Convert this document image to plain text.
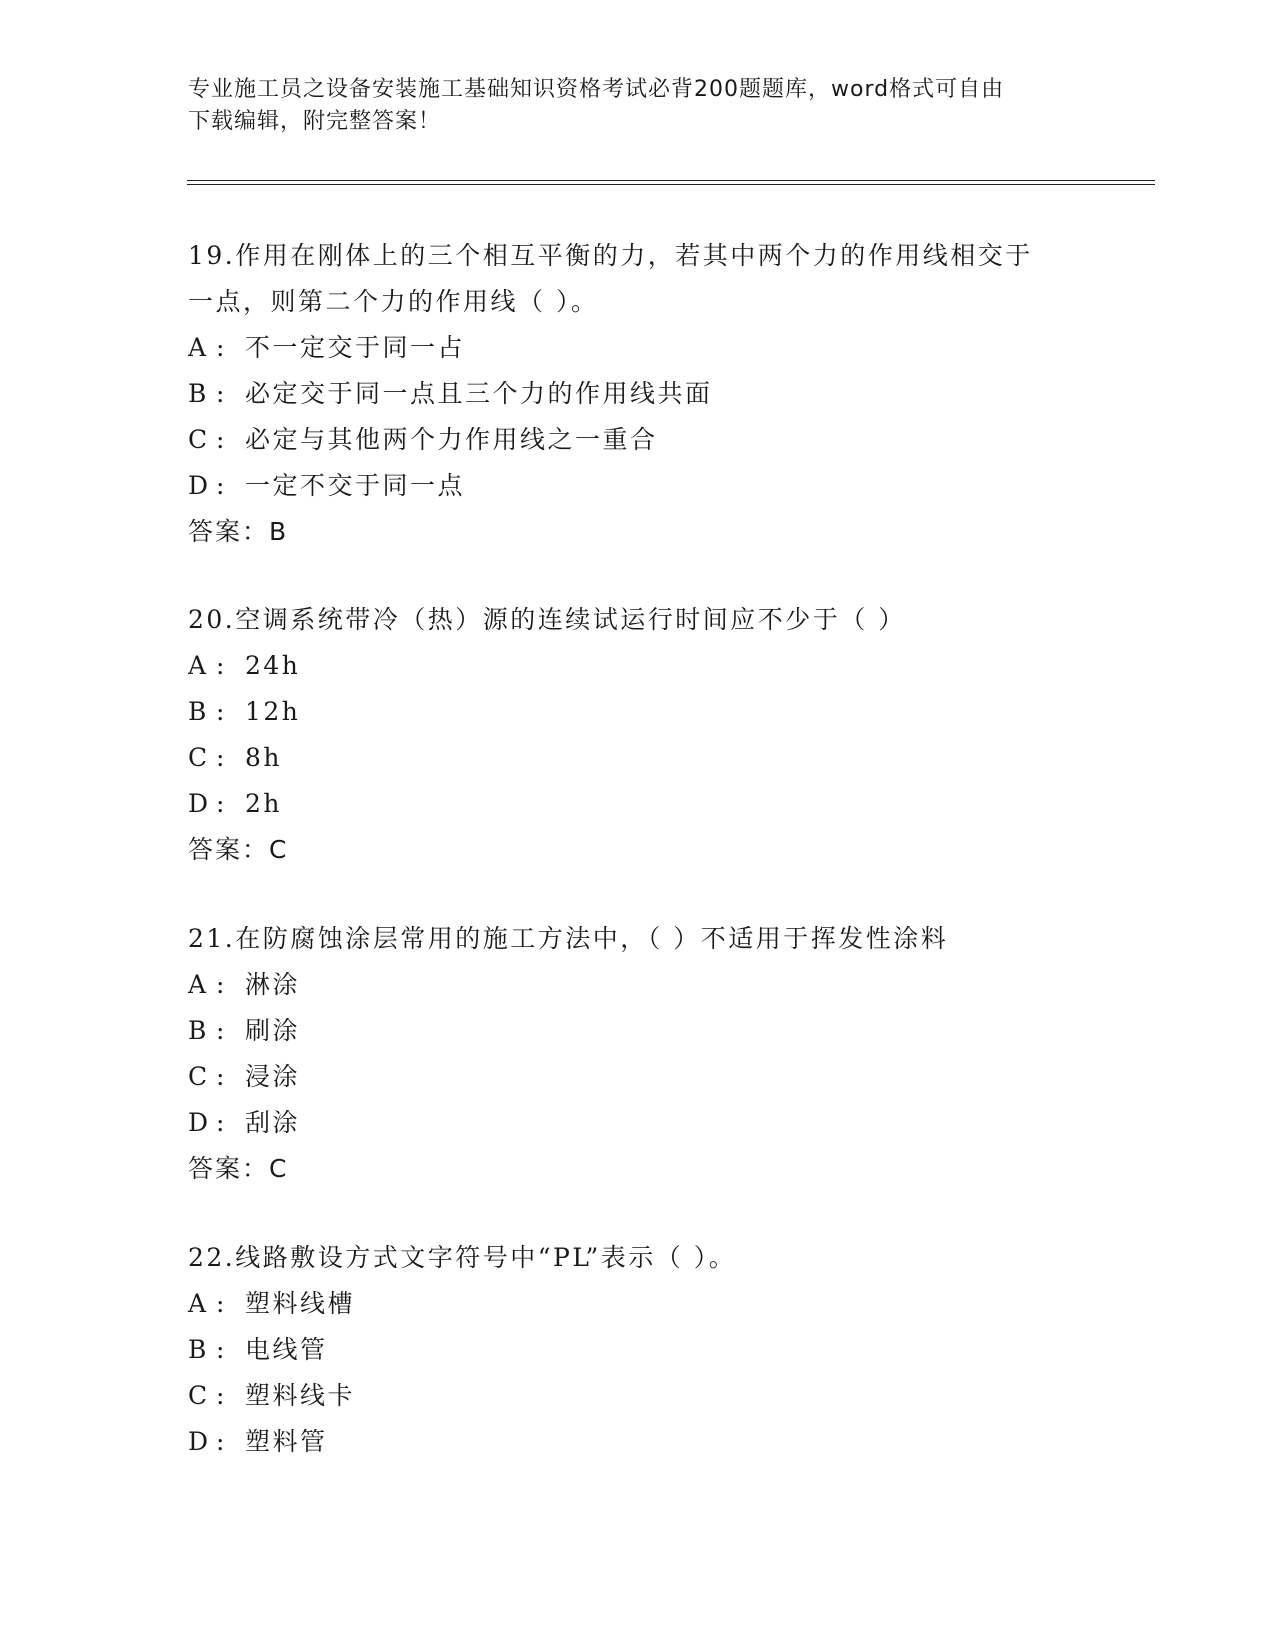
专业施工员之设备安装施工基础知识资格考试必背200题题库，word格式可自由
下载编辑，附完整答案！

19.作用在刚体上的三个相互平衡的力，若其中两个力的作用线相交于

一点，则第二个力的作用线（ ）。

A : 不一定交于同一占

B : 必定交于同一点且三个力的作用线共面

C : 必定与其他两个力作用线之一重合

D : 一定不交于同一点

答案：B

20.空调系统带冷（热）源的连续试运行时间应不少于（ ）

A : 24h

B : 12h

C : 8h

D : 2h

答案：C

21.在防腐蚀涂层常用的施工方法中，（ ）不适用于挥发性涂料

A : 淋涂

B : 刷涂

C : 浸涂

D : 刮涂

答案：C

22.线路敷设方式文字符号中“PL”表示（ ）。

A : 塑料线槽

B : 电线管

C : 塑料线卡

D : 塑料管
